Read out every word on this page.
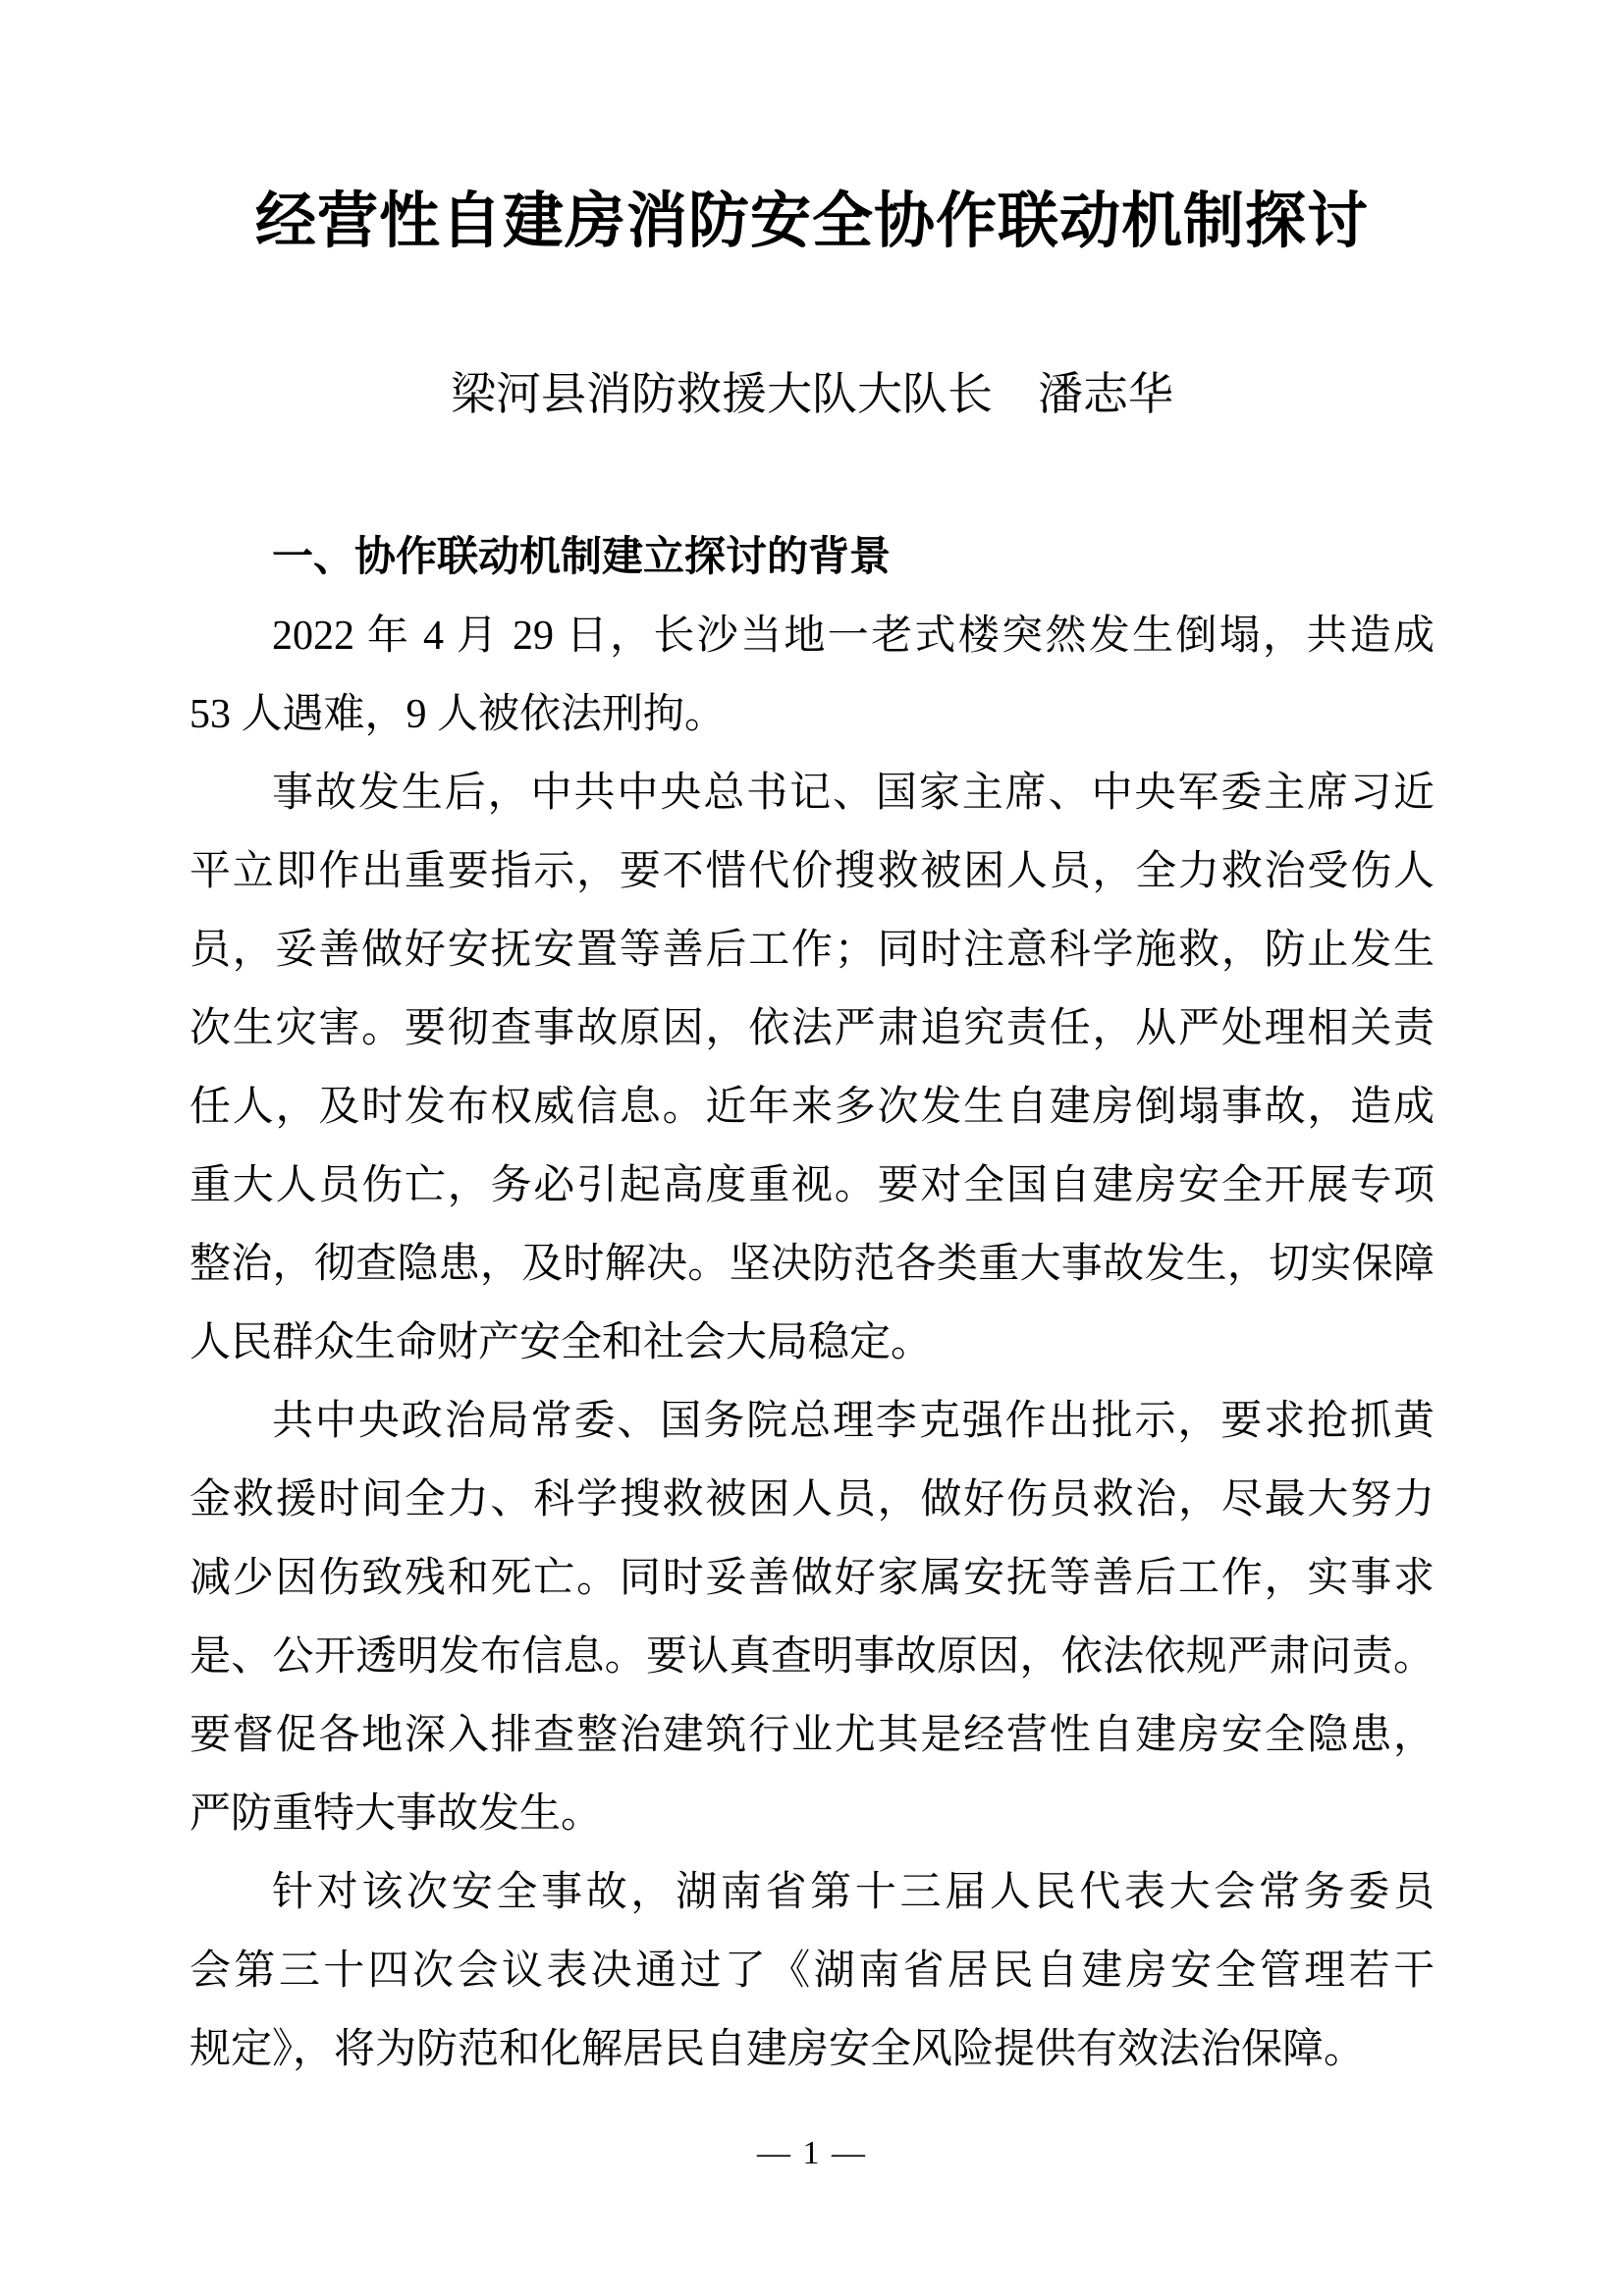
经营性自建房消防安全协作联动机制探讨
梁河县消防救援大队大队长　潘志华
一、协作联动机制建立探讨的背景
2022 年 4 月 29 日，长沙当地一老式楼突然发生倒塌，共造成
53 人遇难，9 人被依法刑拘。
事故发生后，中共中央总书记、国家主席、中央军委主席习近
平立即作出重要指示，要不惜代价搜救被困人员，全力救治受伤人
员，妥善做好安抚安置等善后工作；同时注意科学施救，防止发生
次生灾害。要彻查事故原因，依法严肃追究责任，从严处理相关责
任人，及时发布权威信息。近年来多次发生自建房倒塌事故，造成
重大人员伤亡，务必引起高度重视。要对全国自建房安全开展专项
整治，彻查隐患，及时解决。坚决防范各类重大事故发生，切实保障
人民群众生命财产安全和社会大局稳定。
共中央政治局常委、国务院总理李克强作出批示，要求抢抓黄
金救援时间全力、科学搜救被困人员，做好伤员救治，尽最大努力
减少因伤致残和死亡。同时妥善做好家属安抚等善后工作，实事求
是、公开透明发布信息。要认真查明事故原因，依法依规严肃问责。
要督促各地深入排查整治建筑行业尤其是经营性自建房安全隐患，
严防重特大事故发生。
针对该次安全事故，湖南省第十三届人民代表大会常务委员
会第三十四次会议表决通过了《湖南省居民自建房安全管理若干
规定》，将为防范和化解居民自建房安全风险提供有效法治保障。
— 1 —
